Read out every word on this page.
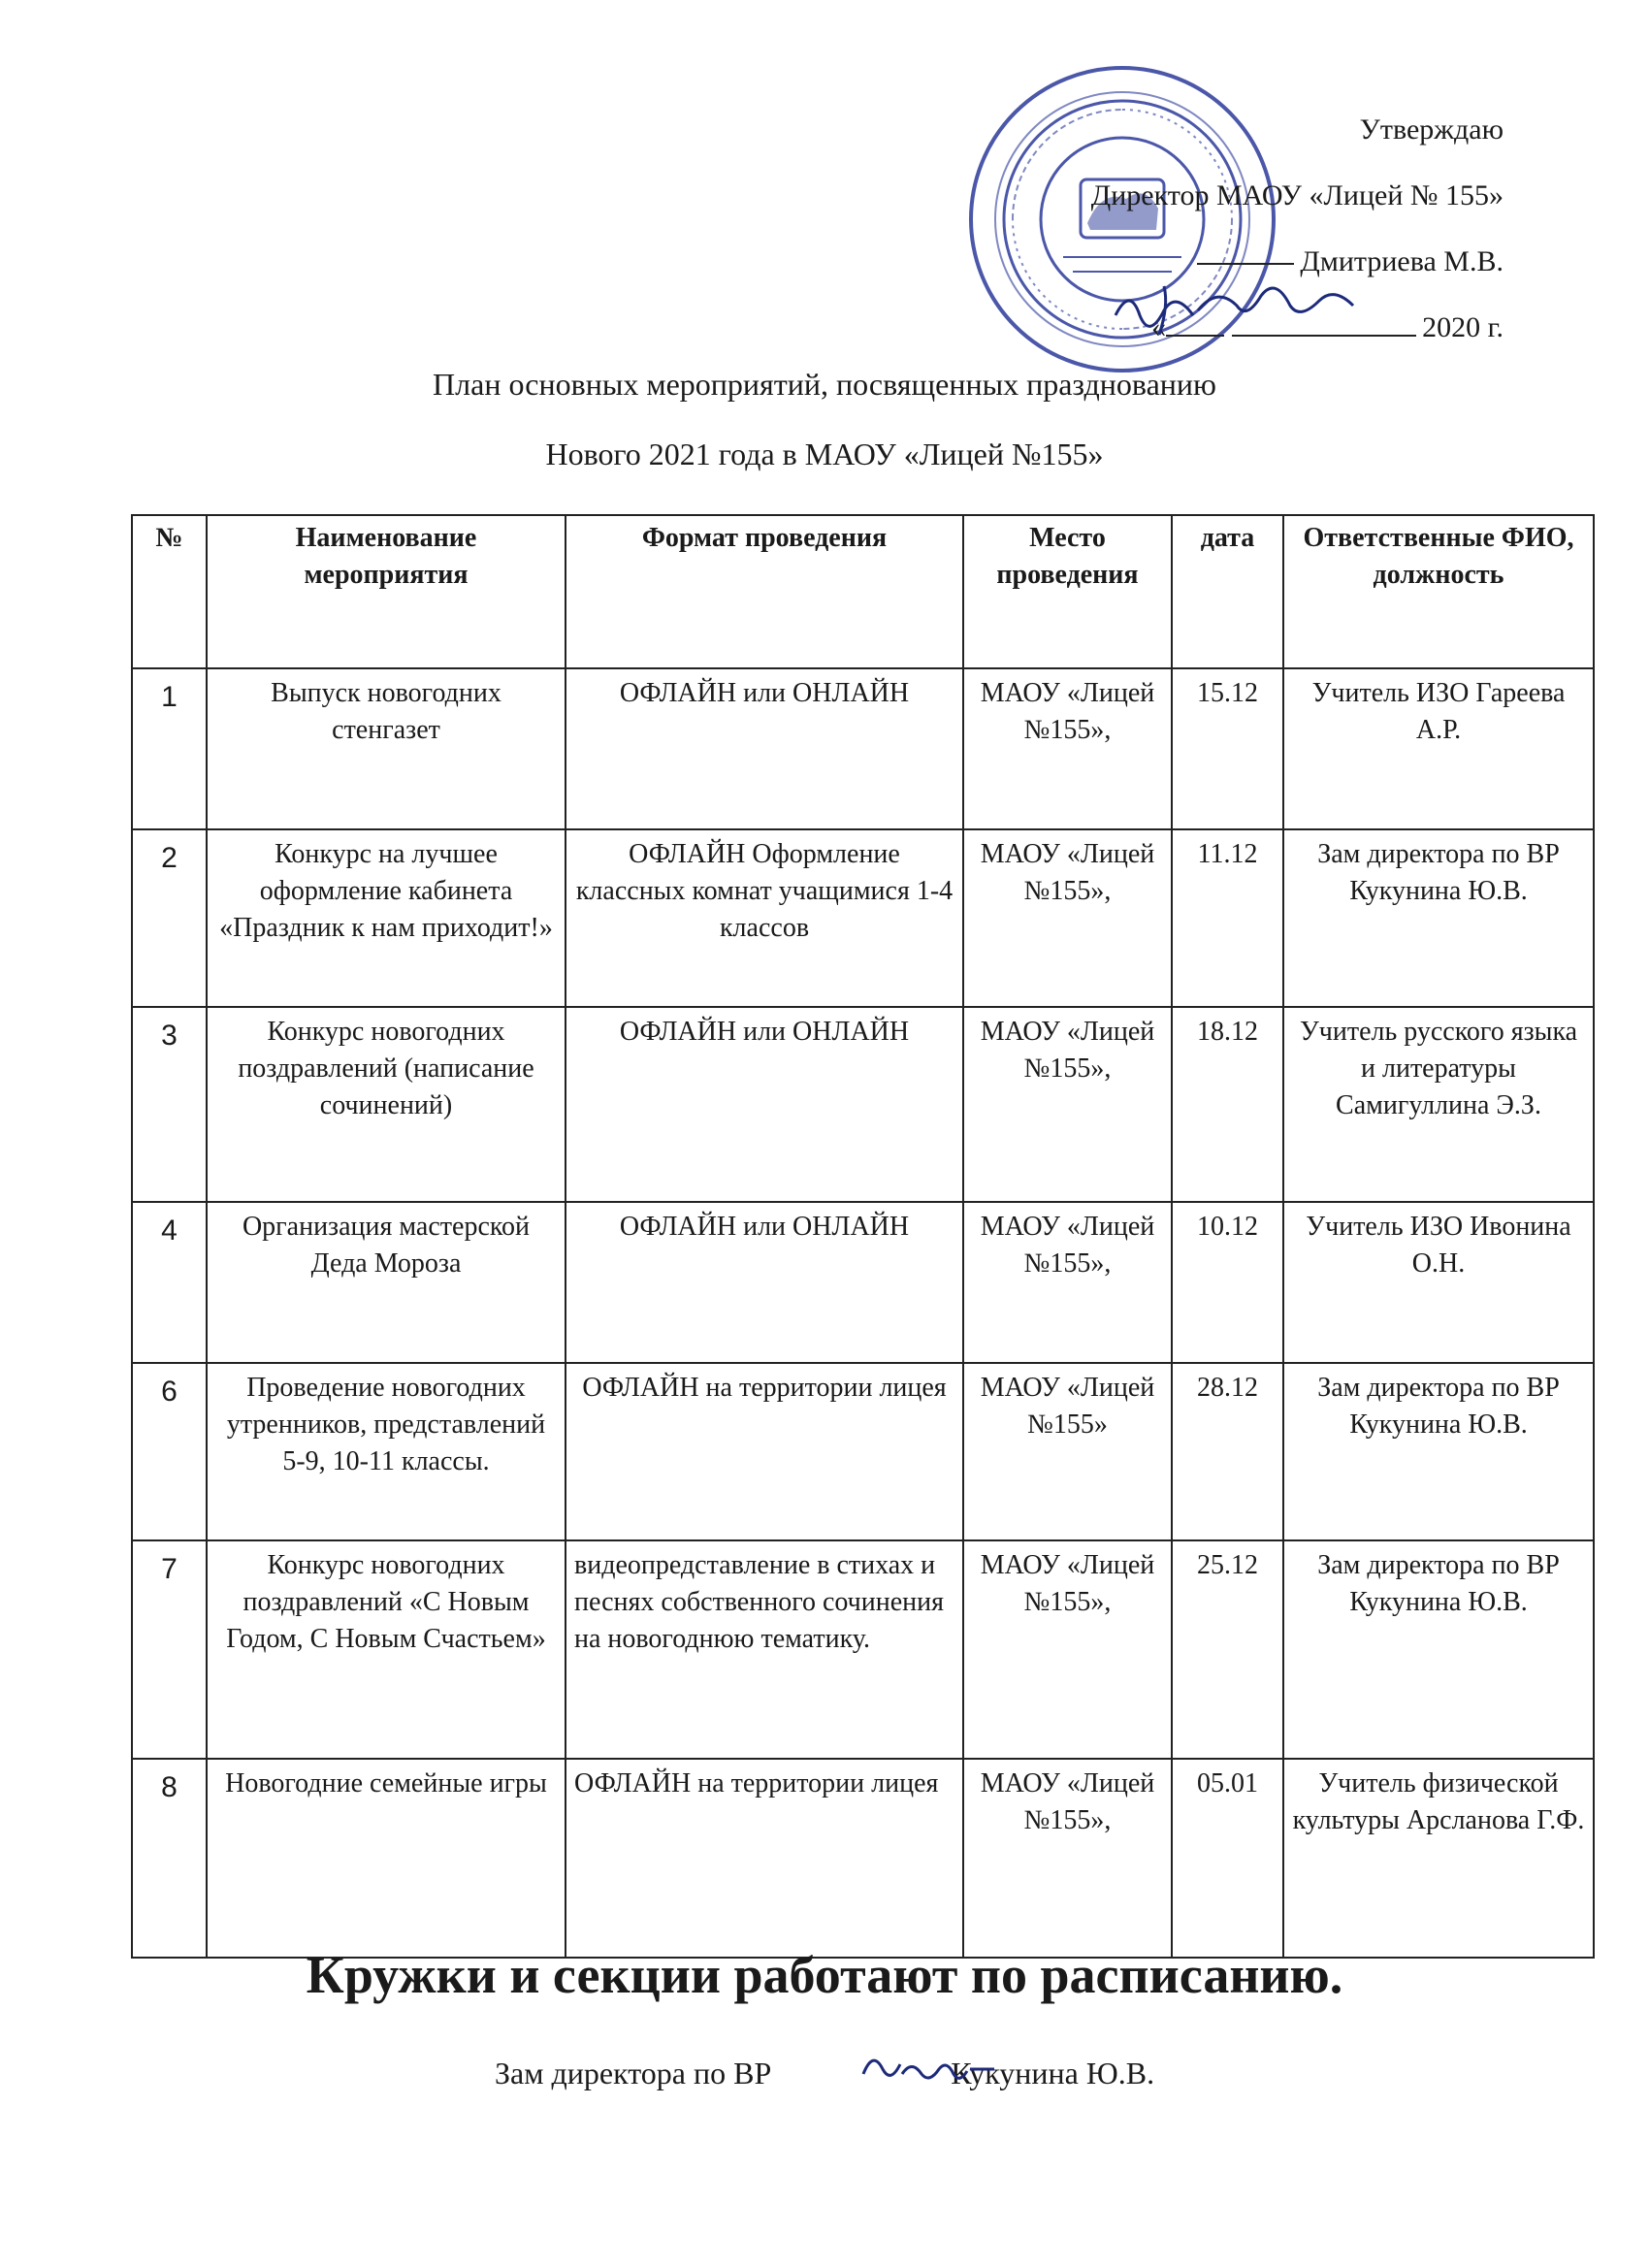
Утверждаю
Директор МАОУ «Лицей № 155»
Дмитриева М.В.
«	2020 г.
План основных мероприятий, посвященных празднованию
Нового 2021 года в МАОУ «Лицей №155»
№	Наименование мероприятия	Формат проведения	Место проведения	дата	Ответственные ФИО, должность
1	Выпуск новогодних стенгазет	ОФЛАЙН или ОНЛАЙН	МАОУ «Лицей №155»,	15.12	Учитель ИЗО Гареева А.Р.
2	Конкурс на лучшее оформление кабинета «Праздник к нам приходит!»	ОФЛАЙН Оформление классных комнат учащимися 1-4 классов	МАОУ «Лицей №155»,	11.12	Зам директора по ВР Кукунина Ю.В.
3	Конкурс новогодних поздравлений (написание сочинений)	ОФЛАЙН или ОНЛАЙН	МАОУ «Лицей №155»,	18.12	Учитель русского языка и литературы Самигуллина Э.З.
4	Организация мастерской Деда Мороза	ОФЛАЙН или ОНЛАЙН	МАОУ «Лицей №155»,	10.12	Учитель ИЗО Ивонина О.Н.
6	Проведение новогодних утренников, представлений 5-9, 10-11 классы.	ОФЛАЙН на территории лицея	МАОУ «Лицей №155»	28.12	Зам директора по ВР Кукунина Ю.В.
7	Конкурс новогодних поздравлений «С Новым Годом, С Новым Счастьем»	видеопредставление в стихах и песнях собственного сочинения на новогоднюю тематику.	МАОУ «Лицей №155»,	25.12	Зам директора по ВР Кукунина Ю.В.
8	Новогодние семейные игры	ОФЛАЙН на территории лицея	МАОУ «Лицей №155»,	05.01	Учитель физической культуры Арсланова Г.Ф.
Кружки и секции работают по расписанию.
Зам директора по ВР	Кукунина Ю.В.
